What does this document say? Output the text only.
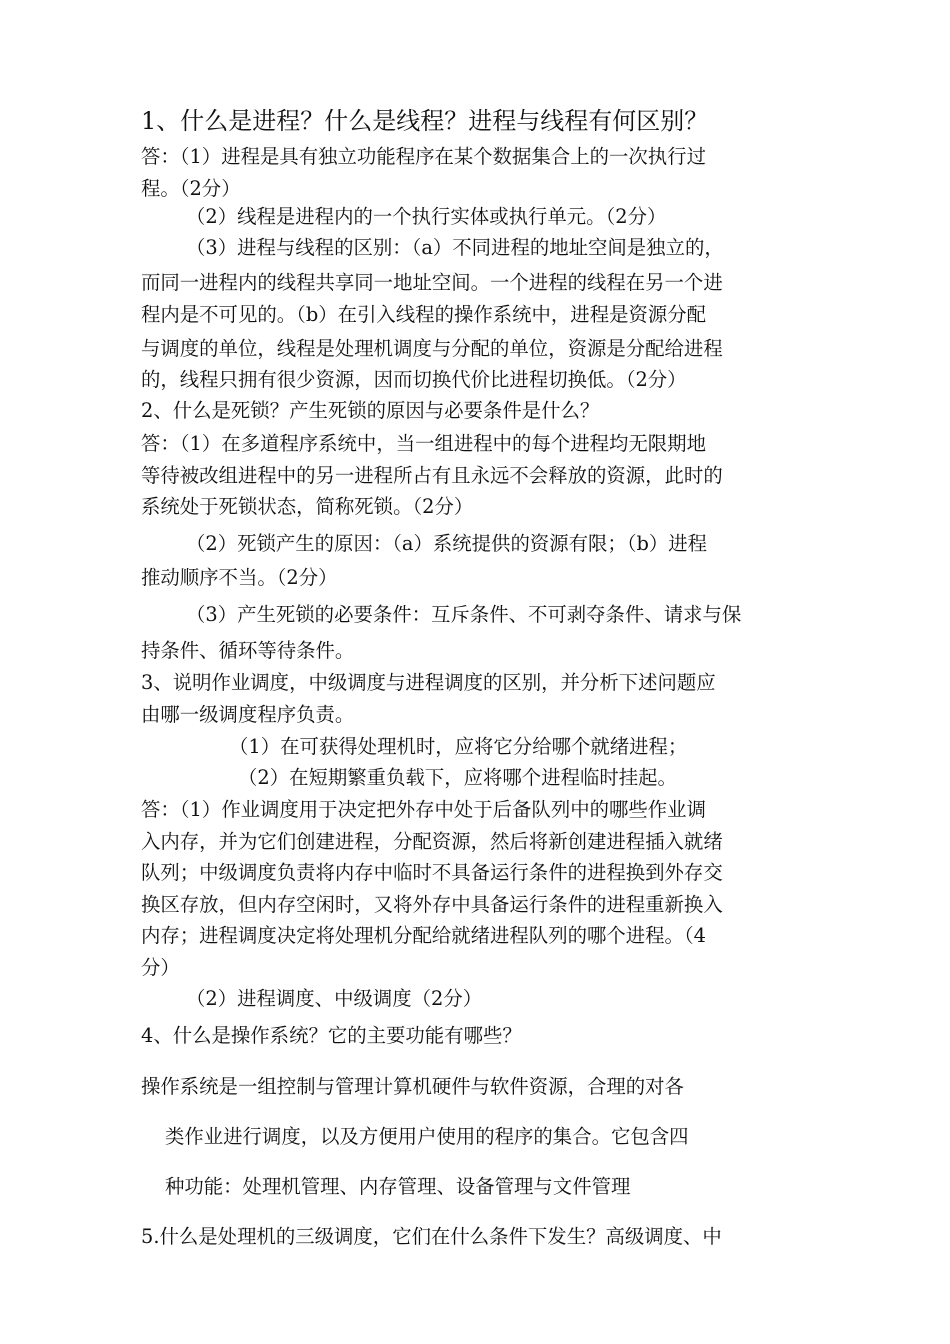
1、什么是进程？什么是线程？进程与线程有何区别？

答：（1）进程是具有独立功能程序在某个数据集合上的一次执行过

程。（2分）

（2）线程是进程内的一个执行实体或执行单元。（2分）

（3）进程与线程的区别：（a）不同进程的地址空间是独立的，

而同一进程内的线程共享同一地址空间。一个进程的线程在另一个进

程内是不可见的。（b）在引入线程的操作系统中，进程是资源分配

与调度的单位，线程是处理机调度与分配的单位，资源是分配给进程

的，线程只拥有很少资源，因而切换代价比进程切换低。（2分）

2、什么是死锁？产生死锁的原因与必要条件是什么？

答：（1）在多道程序系统中，当一组进程中的每个进程均无限期地

等待被改组进程中的另一进程所占有且永远不会释放的资源，此时的

系统处于死锁状态，简称死锁。（2分）

（2）死锁产生的原因：（a）系统提供的资源有限；（b）进程

推动顺序不当。（2分）

（3）产生死锁的必要条件：互斥条件、不可剥夺条件、请求与保

持条件、循环等待条件。

3、说明作业调度，中级调度与进程调度的区别，并分析下述问题应

由哪一级调度程序负责。

（1）在可获得处理机时，应将它分给哪个就绪进程；

（2）在短期繁重负载下，应将哪个进程临时挂起。

答：（1）作业调度用于决定把外存中处于后备队列中的哪些作业调

入内存，并为它们创建进程，分配资源，然后将新创建进程插入就绪

队列；中级调度负责将内存中临时不具备运行条件的进程换到外存交

换区存放，但内存空闲时，又将外存中具备运行条件的进程重新换入

内存；进程调度决定将处理机分配给就绪进程队列的哪个进程。（4

分）

（2）进程调度、中级调度（2分）

4、什么是操作系统？它的主要功能有哪些？

操作系统是一组控制与管理计算机硬件与软件资源，合理的对各

类作业进行调度，以及方便用户使用的程序的集合。它包含四

种功能：处理机管理、内存管理、设备管理与文件管理

5.什么是处理机的三级调度，它们在什么条件下发生？高级调度、中
